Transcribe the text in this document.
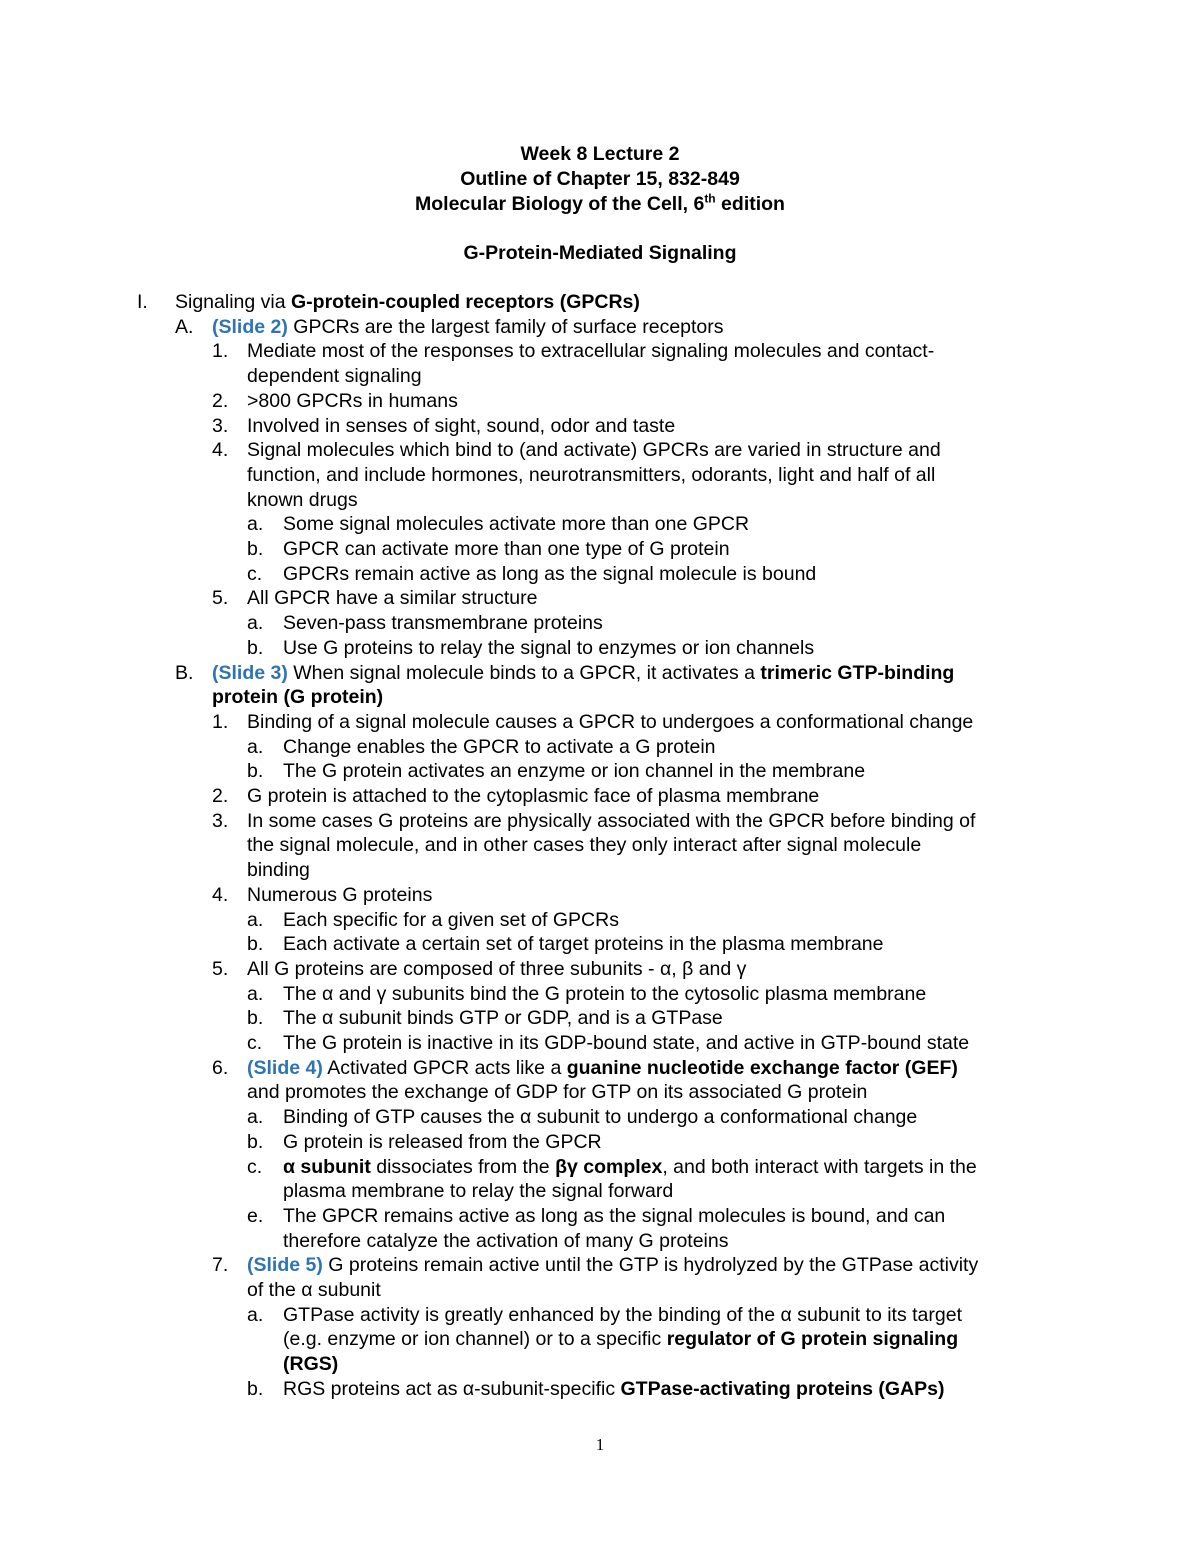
Week 8 Lecture 2
Outline of Chapter 15, 832-849
Molecular Biology of the Cell, 6th edition
G-Protein-Mediated Signaling
I. Signaling via G-protein-coupled receptors (GPCRs)
A. (Slide 2) GPCRs are the largest family of surface receptors
1. Mediate most of the responses to extracellular signaling molecules and contact-
dependent signaling
2. >800 GPCRs in humans
3. Involved in senses of sight, sound, odor and taste
4. Signal molecules which bind to (and activate) GPCRs are varied in structure and
function, and include hormones, neurotransmitters, odorants, light and half of all
known drugs
a. Some signal molecules activate more than one GPCR
b. GPCR can activate more than one type of G protein
c. GPCRs remain active as long as the signal molecule is bound
5. All GPCR have a similar structure
a. Seven-pass transmembrane proteins
b. Use G proteins to relay the signal to enzymes or ion channels
B. (Slide 3) When signal molecule binds to a GPCR, it activates a trimeric GTP-binding
protein (G protein)
1. Binding of a signal molecule causes a GPCR to undergoes a conformational change
a. Change enables the GPCR to activate a G protein
b. The G protein activates an enzyme or ion channel in the membrane
2. G protein is attached to the cytoplasmic face of plasma membrane
3. In some cases G proteins are physically associated with the GPCR before binding of
the signal molecule, and in other cases they only interact after signal molecule
binding
4. Numerous G proteins
a. Each specific for a given set of GPCRs
b. Each activate a certain set of target proteins in the plasma membrane
5. All G proteins are composed of three subunits - α, β and γ
a. The α and γ subunits bind the G protein to the cytosolic plasma membrane
b. The α subunit binds GTP or GDP, and is a GTPase
c. The G protein is inactive in its GDP-bound state, and active in GTP-bound state
6. (Slide 4) Activated GPCR acts like a guanine nucleotide exchange factor (GEF)
and promotes the exchange of GDP for GTP on its associated G protein
a. Binding of GTP causes the α subunit to undergo a conformational change
b. G protein is released from the GPCR
c. α subunit dissociates from the βγ complex, and both interact with targets in the
plasma membrane to relay the signal forward
e. The GPCR remains active as long as the signal molecules is bound, and can
therefore catalyze the activation of many G proteins
7. (Slide 5) G proteins remain active until the GTP is hydrolyzed by the GTPase activity
of the α subunit
a. GTPase activity is greatly enhanced by the binding of the α subunit to its target
(e.g. enzyme or ion channel) or to a specific regulator of G protein signaling
(RGS)
b. RGS proteins act as α-subunit-specific GTPase-activating proteins (GAPs)
1
